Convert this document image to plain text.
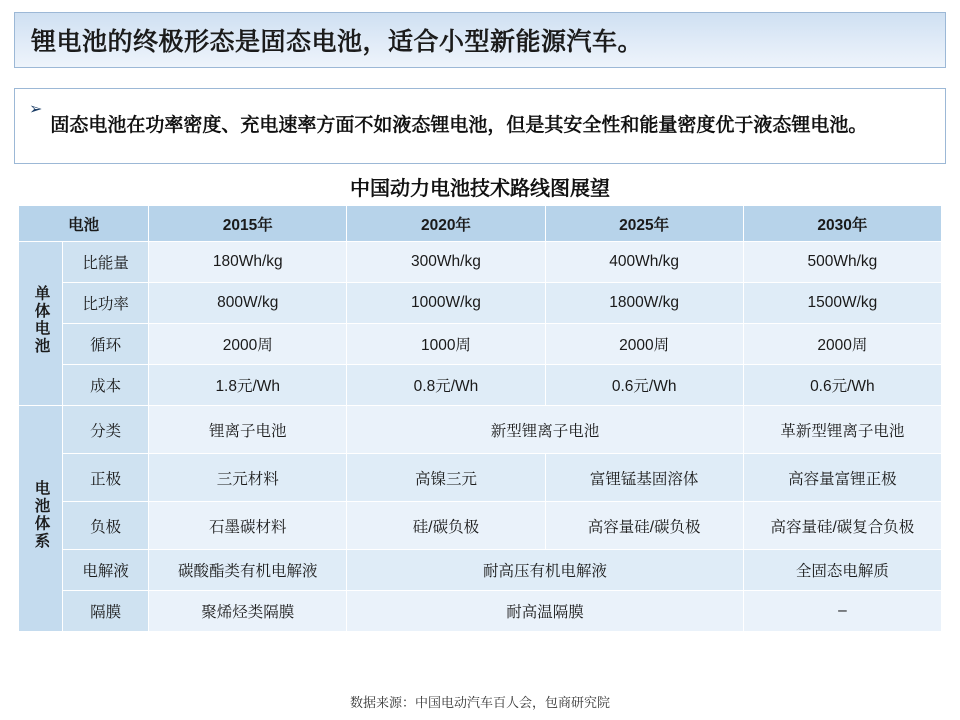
锂电池的终极形态是固态电池，适合小型新能源汽车。
➢
固态电池在功率密度、充电速率方面不如液态锂电池，但是其安全性和能量密度优于液态锂电池。
中国动力电池技术路线图展望
电池		2015年	2020年	2025年	2030年
单体电池	比能量	180Wh/kg	300Wh/kg	400Wh/kg	500Wh/kg
	比功率	800W/kg	1000W/kg	1800W/kg	1500W/kg
	循环	2000周	1000周	2000周	2000周
	成本	1.8元/Wh	0.8元/Wh	0.6元/Wh	0.6元/Wh
电池体系	分类	锂离子电池	新型锂离子电池		革新型锂离子电池
	正极	三元材料	高镍三元	富锂锰基固溶体	高容量富锂正极
	负极	石墨碳材料	硅/碳负极	高容量硅/碳负极	高容量硅/碳复合负极
	电解液	碳酸酯类有机电解液	耐高压有机电解液		全固态电解质
	隔膜	聚烯烃类隔膜	耐高温隔膜		–
数据来源：中国电动汽车百人会，包商研究院
